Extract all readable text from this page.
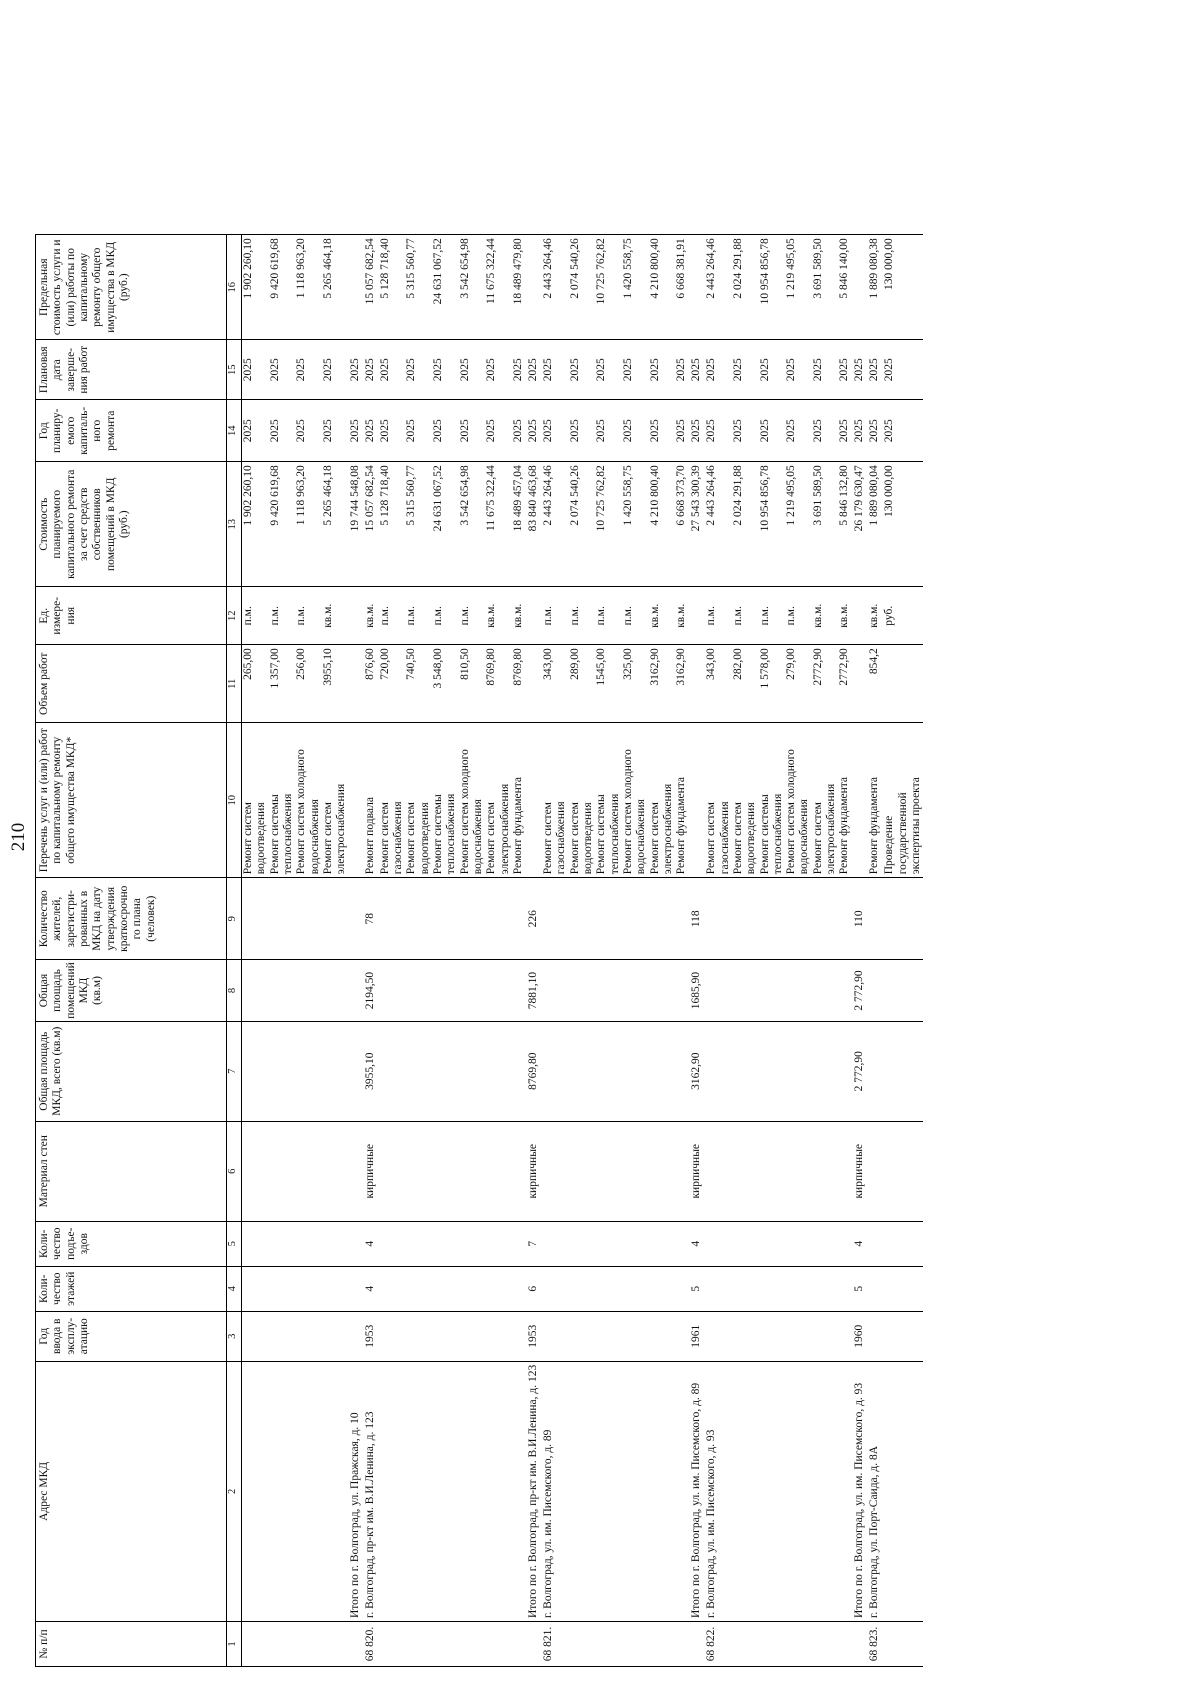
210
№ п/п	Адрес МКД	Год ввода в эксплу-атацию	Коли-чество этажей	Коли-чество подъе-здов	Материал стен	Общая площадь МКД, всего (кв.м)	Общая площадь помещений МКД (кв.м)	Количество жителей, зарегистри-рованных в МКД на дату утверждения краткосрочно го плана (человек)	Перечень услуг и (или) работ по капитальному ремонту общего имущества МКД*	Объем работ	Ед. измере-ния	Стоимость планируемого капитального ремонта за счет средств собственников помещений в МКД (руб.)	Год планиру-емого капиталь-ного ремонта	Плановая дата заверше-ния работ	Предельная стоимость услуги и (или) работы по капитальному ремонту общего имущества в МКД (руб.)
1	2	3	4	5	6	7	8	9	10	11	12	13	14	15	16

									Ремонт систем водоотведения	265,00	п.м.	1 902 260,10	2025	2025	1 902 260,10

									Ремонт системы теплоснабжения	1 357,00	п.м.	9 420 619,68	2025	2025	9 420 619,68

									Ремонт систем холодного водоснабжения	256,00	п.м.	1 118 963,20	2025	2025	1 118 963,20

									Ремонт систем электроснабжения	3955,10	кв.м.	5 265 464,18	2025	2025	5 265 464,18
	Итого по г. Волгоград, ул. Пражская, д. 10											19 744 548,08	2025	2025	
68 820.	г. Волгоград, пр-кт им. В.И.Ленина, д. 123	1953	4	4	кирпичные	3955,10	2194,50	78	Ремонт подвала	876,60	кв.м.	15 057 682,54	2025	2025	15 057 682,54

									Ремонт систем газоснабжения	720,00	п.м.	5 128 718,40	2025	2025	5 128 718,40

									Ремонт систем водоотведения	740,50	п.м.	5 315 560,77	2025	2025	5 315 560,77

									Ремонт системы теплоснабжения	3 548,00	п.м.	24 631 067,52	2025	2025	24 631 067,52

									Ремонт систем холодного водоснабжения	810,50	п.м.	3 542 654,98	2025	2025	3 542 654,98

									Ремонт систем электроснабжения	8769,80	кв.м.	11 675 322,44	2025	2025	11 675 322,44

									Ремонт фундамента	8769,80	кв.м.	18 489 457,04	2025	2025	18 489 479,80
	Итого по г. Волгоград, пр-кт им. В.И.Ленина, д. 123	1953	6	7	кирпичные	8769,80	7881,10	226				83 840 463,68	2025	2025	
68 821.	г. Волгоград, ул. им. Писемского, д. 89								Ремонт систем газоснабжения	343,00	п.м.	2 443 264,46	2025	2025	2 443 264,46

									Ремонт систем водоотведения	289,00	п.м.	2 074 540,26	2025	2025	2 074 540,26

									Ремонт системы теплоснабжения	1545,00	п.м.	10 725 762,82	2025	2025	10 725 762,82

									Ремонт систем холодного водоснабжения	325,00	п.м.	1 420 558,75	2025	2025	1 420 558,75

									Ремонт систем электроснабжения	3162,90	кв.м.	4 210 800,40	2025	2025	4 210 800,40

									Ремонт фундамента	3162,90	кв.м.	6 668 373,70	2025	2025	6 668 381,91
	Итого по г. Волгоград, ул. им. Писемского, д. 89	1961	5	4	кирпичные	3162,90	1685,90	118				27 543 300,39	2025	2025	
68 822.	г. Волгоград, ул. им. Писемского, д. 93								Ремонт систем газоснабжения	343,00	п.м.	2 443 264,46	2025	2025	2 443 264,46

									Ремонт систем водоотведения	282,00	п.м.	2 024 291,88	2025	2025	2 024 291,88

									Ремонт системы теплоснабжения	1 578,00	п.м.	10 954 856,78	2025	2025	10 954 856,78

									Ремонт систем холодного водоснабжения	279,00	п.м.	1 219 495,05	2025	2025	1 219 495,05

									Ремонт систем электроснабжения	2772,90	кв.м.	3 691 589,50	2025	2025	3 691 589,50

									Ремонт фундамента	2772,90	кв.м.	5 846 132,80	2025	2025	5 846 140,00
	Итого по г. Волгоград, ул. им. Писемского, д. 93	1960	5	4	кирпичные	2 772,90	2 772,90	110				26 179 630,47	2025	2025	
68 823.	г. Волгоград, ул. Порт-Саида, д. 8А								Ремонт фундамента	854,2	кв.м.	1 889 080,04	2025	2025	1 889 080,38

									Проведение государственной экспертизы проекта		руб.	130 000,00	2025	2025	130 000,00
